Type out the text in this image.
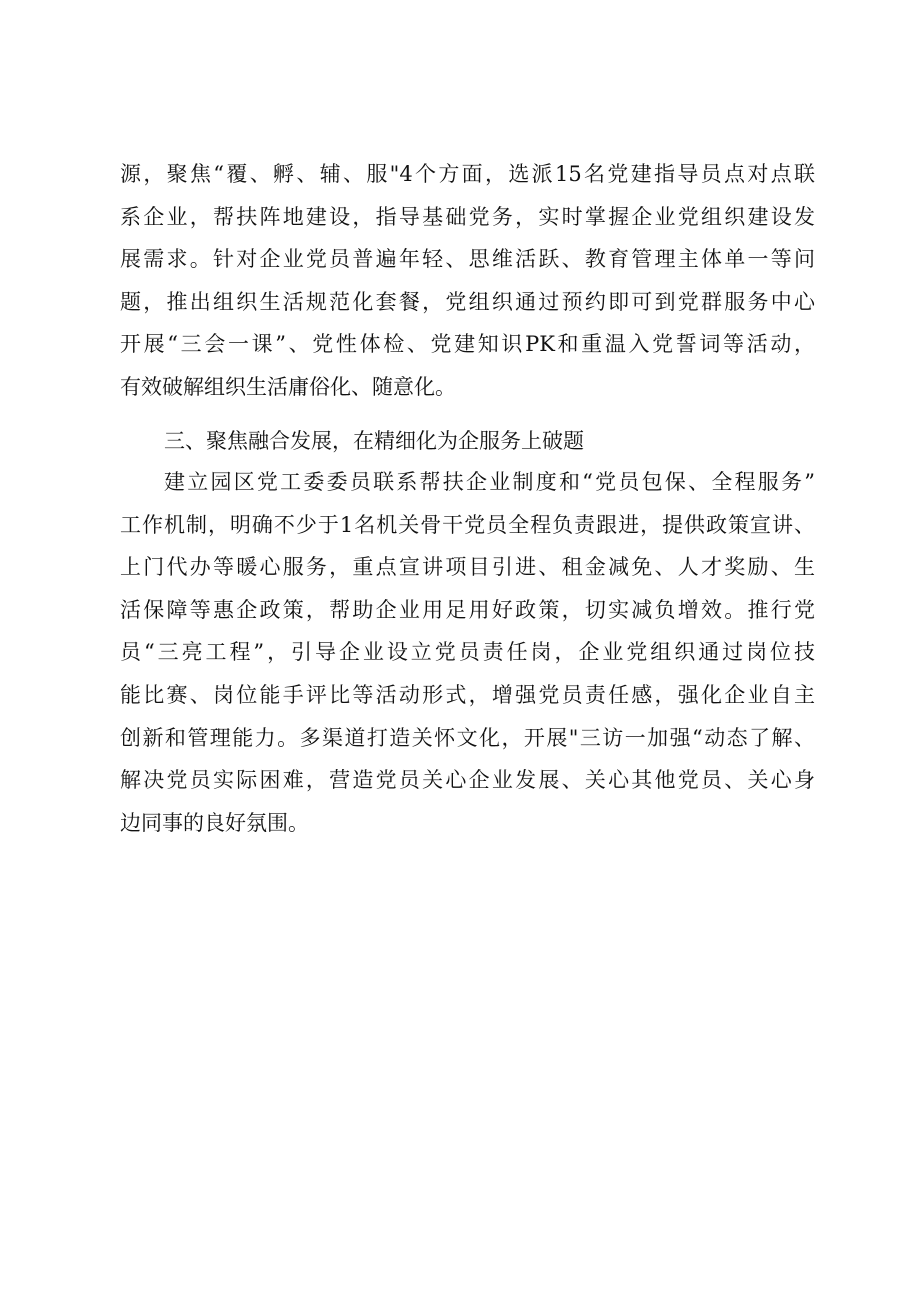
源，聚焦“覆、孵、辅、服"4个方面，选派15名党建指导员点对点联
系企业，帮扶阵地建设，指导基础党务，实时掌握企业党组织建设发
展需求。针对企业党员普遍年轻、思维活跃、教育管理主体单一等问
题，推出组织生活规范化套餐，党组织通过预约即可到党群服务中心
开展“三会一课”、党性体检、党建知识PK和重温入党誓词等活动，
有效破解组织生活庸俗化、随意化。
三、聚焦融合发展，在精细化为企服务上破题
建立园区党工委委员联系帮扶企业制度和“党员包保、全程服务”
工作机制，明确不少于1名机关骨干党员全程负责跟进，提供政策宣讲、
上门代办等暖心服务，重点宣讲项目引进、租金减免、人才奖励、生
活保障等惠企政策，帮助企业用足用好政策，切实减负增效。推行党
员“三亮工程”，引导企业设立党员责任岗，企业党组织通过岗位技
能比赛、岗位能手评比等活动形式，增强党员责任感，强化企业自主
创新和管理能力。多渠道打造关怀文化，开展"三访一加强“动态了解、
解决党员实际困难，营造党员关心企业发展、关心其他党员、关心身
边同事的良好氛围。
